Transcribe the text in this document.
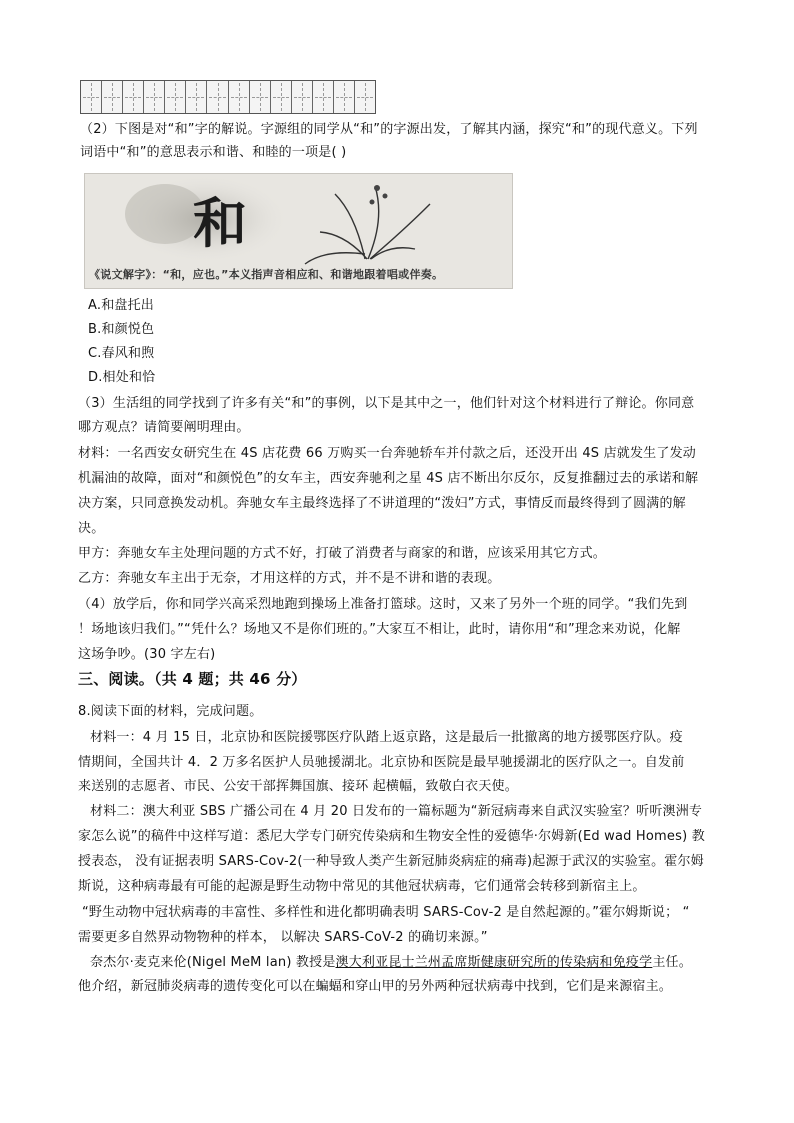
（2）下图是对“和”字的解说。字源组的同学从“和”的字源出发，了解其内涵，探究“和”的现代意义。下列
词语中“和”的意思表示和谐、和睦的一项是( )
和
《说文解字》：“和，应也。”本义指声音相应和、和谐地跟着唱或伴奏。
A.和盘托出
B.和颜悦色
C.春风和煦
D.相处和恰
（3）生活组的同学找到了许多有关“和”的事例，以下是其中之一，他们针对这个材料进行了辩论。你同意
哪方观点？请简要阐明理由。
材料：一名西安女研究生在 4S 店花费 66 万购买一台奔驰轿车并付款之后，还没开出 4S 店就发生了发动
机漏油的故障，面对“和颜悦色”的女车主，西安奔驰利之星 4S 店不断出尔反尔，反复推翻过去的承诺和解
决方案，只同意换发动机。奔驰女车主最终选择了不讲道理的“泼妇”方式，事情反而最终得到了圆满的解
决。
甲方：奔驰女车主处理问题的方式不好，打破了消费者与商家的和谐，应该采用其它方式。
乙方：奔驰女车主出于无奈，才用这样的方式，并不是不讲和谐的表现。
（4）放学后，你和同学兴高采烈地跑到操场上准备打篮球。这时，又来了另外一个班的同学。“我们先到
！场地该归我们。”“凭什么？场地又不是你们班的。”大家互不相让，此时，请你用“和”理念来劝说，化解
这场争吵。(30 字左右)
三、阅读。（共 4 题；共 46 分）
8.阅读下面的材料，完成问题。
材料一：4 月 15 日，北京协和医院援鄂医疗队踏上返京路，这是最后一批撤离的地方援鄂医疗队。疫
情期间，全国共计 4．2 万多名医护人员驰援湖北。北京协和医院是最早驰援湖北的医疗队之一。自发前
来送别的志愿者、市民、公安干部挥舞国旗、接环 起横幅，致敬白衣天使。
材料二：澳大利亚 SBS 广播公司在 4 月 20 日发布的一篇标题为“新冠病毒来自武汉实验室？听听澳洲专
家怎么说”的稿件中这样写道：悉尼大学专门研究传染病和生物安全性的爱德华·尔姆新(Ed wad Homes) 教
授表态， 没有证据表明 SARS-Cov-2(一种导致人类产生新冠肺炎病症的痛毒)起源于武汉的实验室。霍尔姆
斯说，这种病毒最有可能的起源是野生动物中常见的其他冠状病毒，它们通常会转移到新宿主上。
“野生动物中冠状病毒的丰富性、多样性和进化都明确表明 SARS-Cov-2 是自然起源的。”霍尔姆斯说； “
需要更多自然界动物物种的样本， 以解决 SARS-CoV-2 的确切来源。”
奈杰尔·麦克来伦(Nigel MeM lan) 教授是澳大利亚昆士兰州孟席斯健康研究所的传染病和免疫学主任。
他介绍，新冠肺炎病毒的遗传变化可以在蝙蝠和穿山甲的另外两种冠状病毒中找到，它们是来源宿主。
